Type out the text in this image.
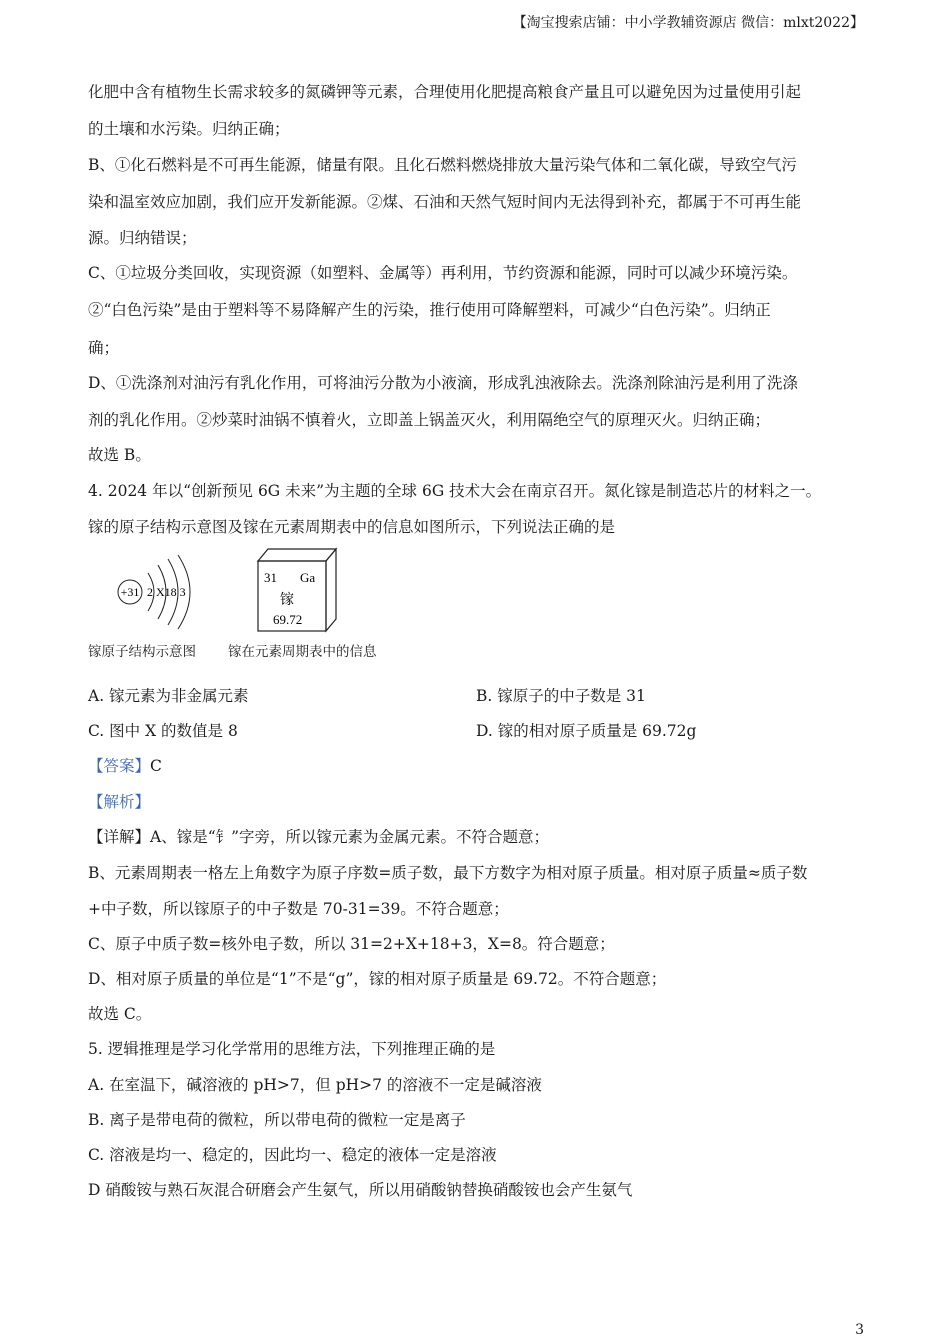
【淘宝搜索店铺：中小学教辅资源店 微信：mlxt2022】
化肥中含有植物生长需求较多的氮磷钾等元素，合理使用化肥提高粮食产量且可以避免因为过量使用引起
的土壤和水污染。归纳正确；
B、①化石燃料是不可再生能源，储量有限。且化石燃料燃烧排放大量污染气体和二氧化碳，导致空气污
染和温室效应加剧，我们应开发新能源。②煤、石油和天然气短时间内无法得到补充，都属于不可再生能
源。归纳错误；
C、①垃圾分类回收，实现资源（如塑料、金属等）再利用，节约资源和能源，同时可以减少环境污染。
②“白色污染”是由于塑料等不易降解产生的污染，推行使用可降解塑料，可减少“白色污染”。归纳正
确；
D、①洗涤剂对油污有乳化作用，可将油污分散为小液滴，形成乳浊液除去。洗涤剂除油污是利用了洗涤
剂的乳化作用。②炒菜时油锅不慎着火，立即盖上锅盖灭火，利用隔绝空气的原理灭火。归纳正确；
故选 B。
4. 2024 年以“创新预见 6G 未来”为主题的全球 6G 技术大会在南京召开。氮化镓是制造芯片的材料之一。
镓的原子结构示意图及镓在元素周期表中的信息如图所示，下列说法正确的是
+31 2 X18 3
31 Ga
镓
69.72
镓原子结构示意图 镓在元素周期表中的信息
A. 镓元素为非金属元素	B. 镓原子的中子数是 31
C. 图中 X 的数值是 8	D. 镓的相对原子质量是 69.72g
【答案】C
【解析】
【详解】A、镓是“钅”字旁，所以镓元素为金属元素。不符合题意；
B、元素周期表一格左上角数字为原子序数=质子数，最下方数字为相对原子质量。相对原子质量≈质子数
+中子数，所以镓原子的中子数是 70-31=39。不符合题意；
C、原子中质子数=核外电子数，所以 31=2+X+18+3，X=8。符合题意；
D、相对原子质量的单位是“1”不是“g”，镓的相对原子质量是 69.72。不符合题意；
故选 C。
5. 逻辑推理是学习化学常用的思维方法，下列推理正确的是
A. 在室温下，碱溶液的 pH>7，但 pH>7 的溶液不一定是碱溶液
B. 离子是带电荷的微粒，所以带电荷的微粒一定是离子
C. 溶液是均一、稳定的，因此均一、稳定的液体一定是溶液
D 硝酸铵与熟石灰混合研磨会产生氨气，所以用硝酸钠替换硝酸铵也会产生氨气
3
